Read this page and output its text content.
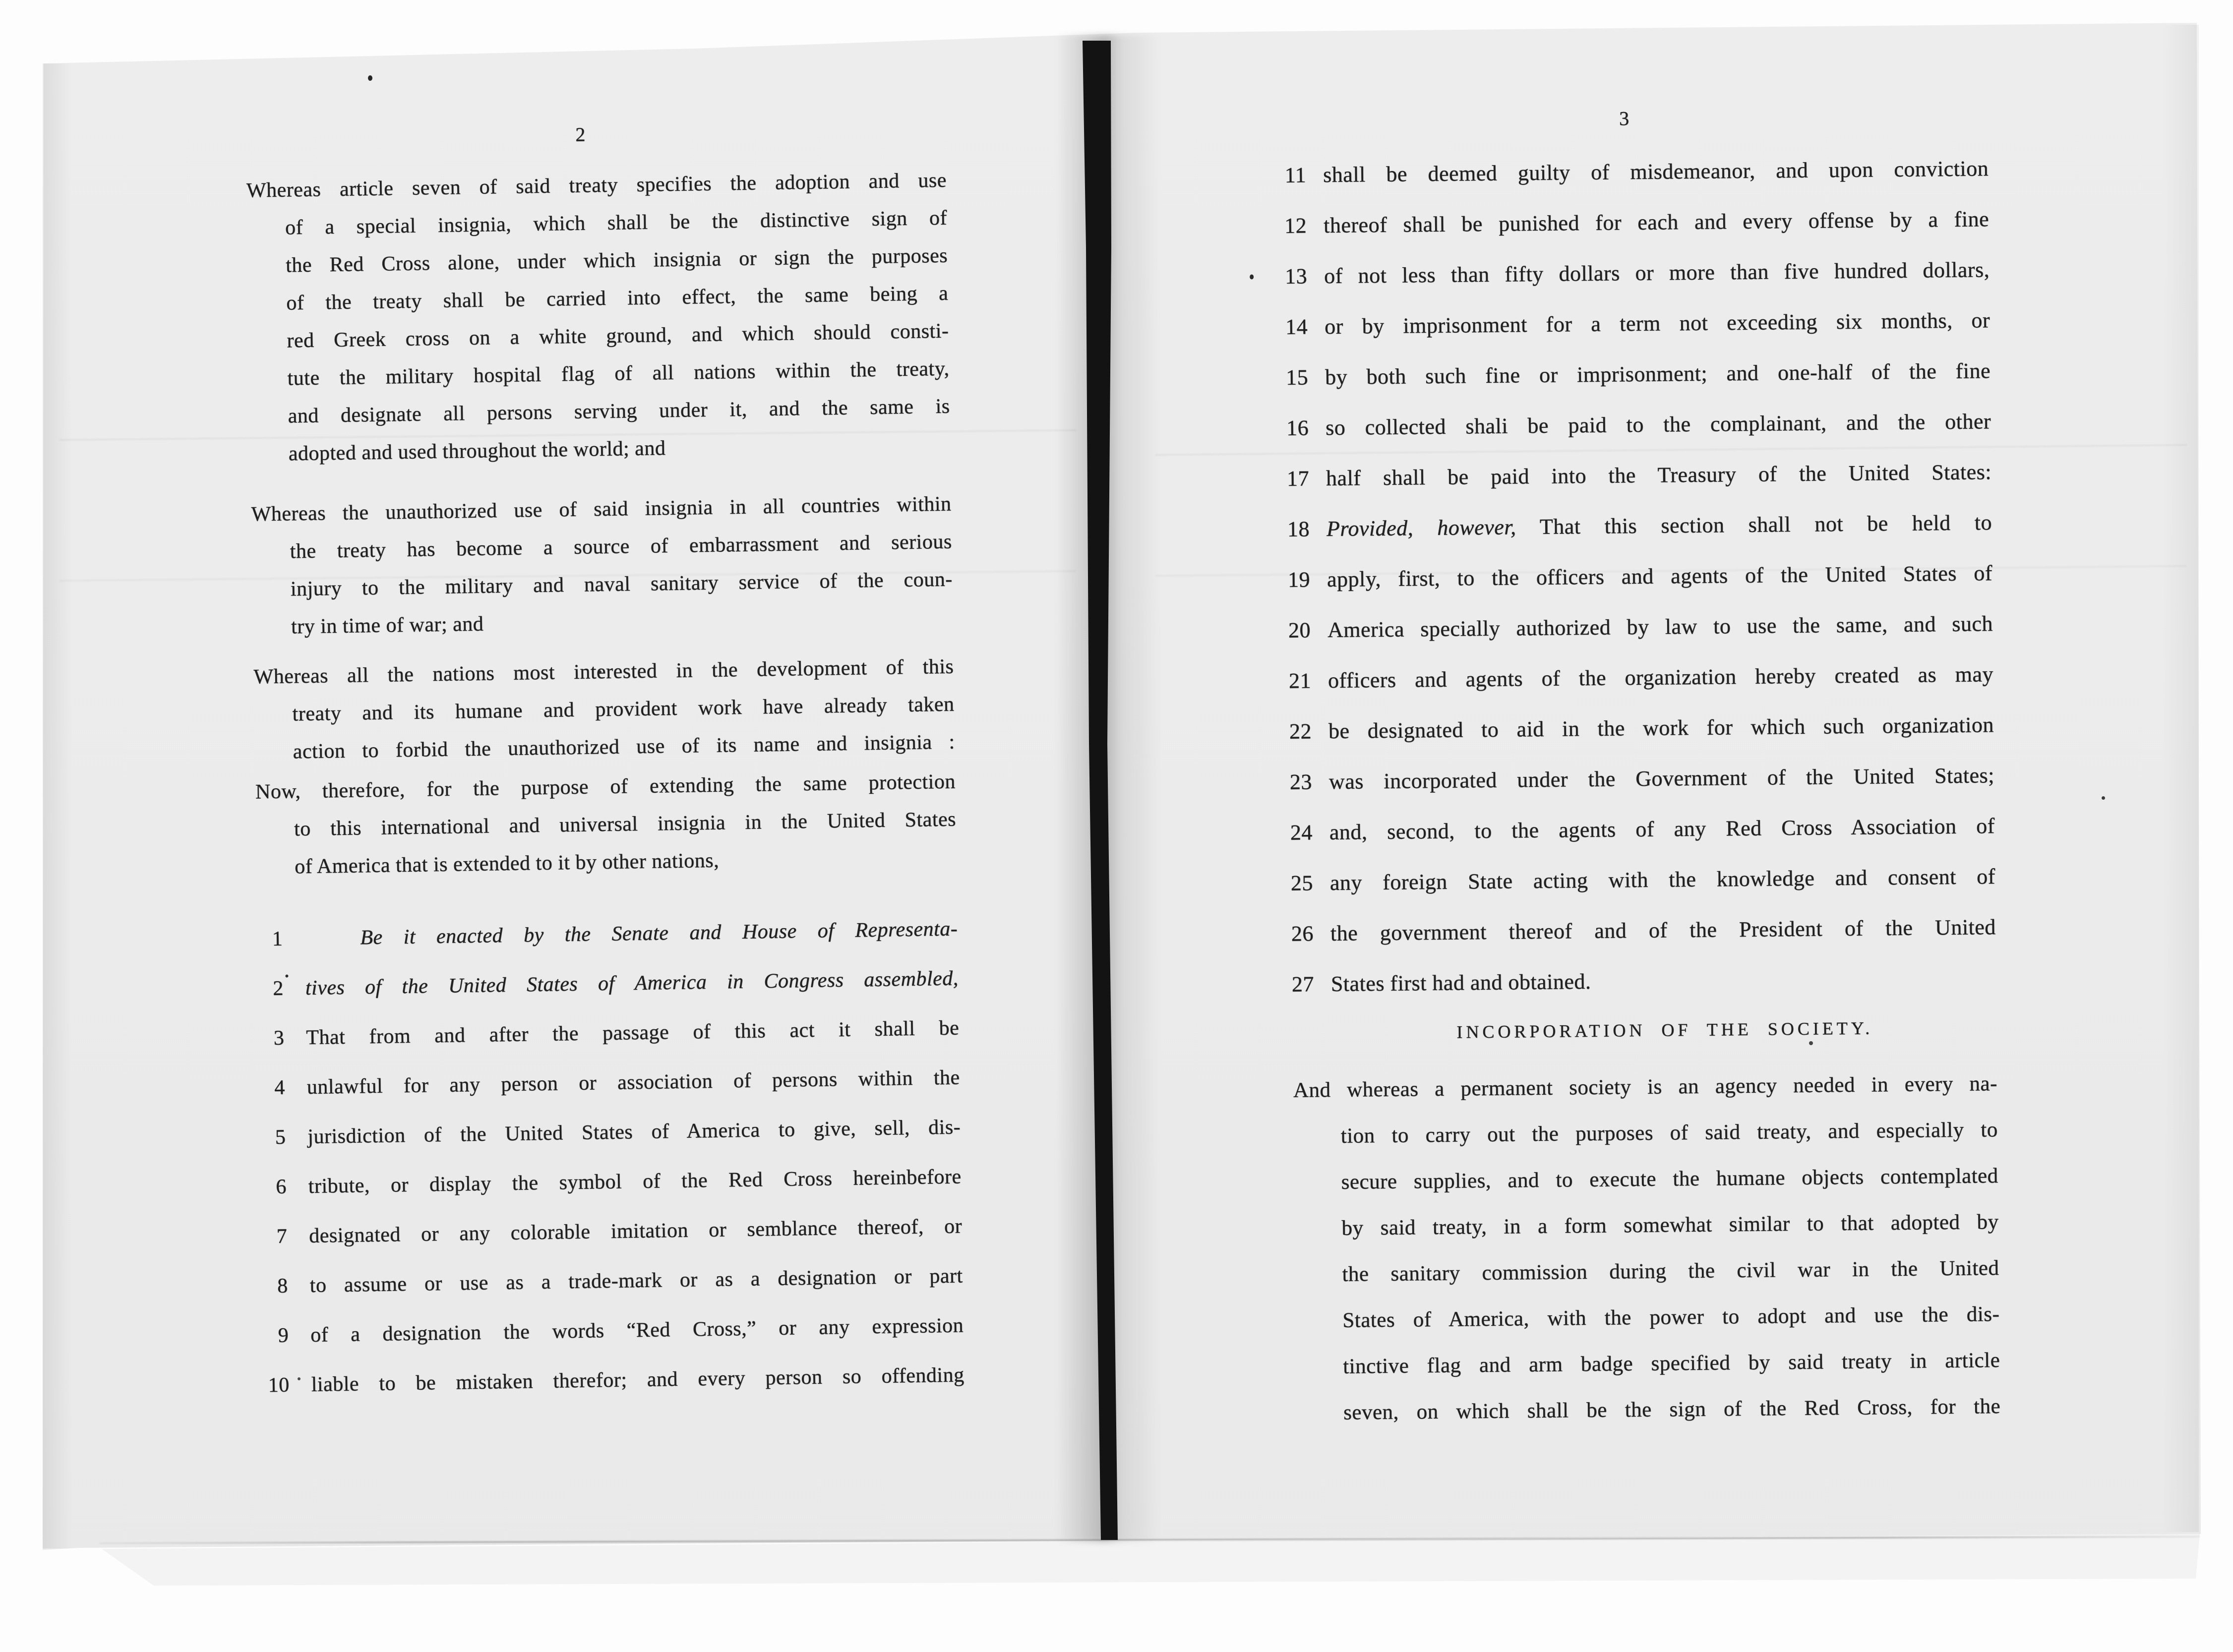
2
Whereas article seven of said treaty specifies the adoption and use
of a special insignia, which shall be the distinctive sign of
the Red Cross alone, under which insignia or sign the purposes
of the treaty shall be carried into effect, the same being a
red Greek cross on a white ground, and which should consti-
tute the military hospital flag of all nations within the treaty,
and designate all persons serving under it, and the same is
adopted and used throughout the world; and
Whereas the unauthorized use of said insignia in all countries within
the treaty has become a source of embarrassment and serious
injury to the military and naval sanitary service of the coun-
try in time of war; and
Whereas all the nations most interested in the development of this
treaty and its humane and provident work have already taken
action to forbid the unauthorized use of its name and insignia :
Now, therefore, for the purpose of extending the same protection
to this international and universal insignia in the United States
of America that is extended to it by other nations,
1	Be it enacted by the Senate and House of Representa-
2 tives of the United States of America in Congress assembled,
3 That from and after the passage of this act it shall be
4 unlawful for any person or association of persons within the
5 jurisdiction of the United States of America to give, sell, dis-
6 tribute, or display the symbol of the Red Cross hereinbefore
7 designated or any colorable imitation or semblance thereof, or
8 to assume or use as a trade-mark or as a designation or part
9 of a designation the words “Red Cross,” or any expression
10 liable to be mistaken therefor; and every person so offending
3
11 shall be deemed guilty of misdemeanor, and upon conviction
12 thereof shall be punished for each and every offense by a fine
13 of not less than fifty dollars or more than five hundred dollars,
14 or by imprisonment for a term not exceeding six months, or
15 by both such fine or imprisonment; and one-half of the fine
16 so collected shali be paid to the complainant, and the other
17 half shall be paid into the Treasury of the United States:
18 Provided, however, That this section shall not be held to
19 apply, first, to the officers and agents of the United States of
20 America specially authorized by law to use the same, and such
21 officers and agents of the organization hereby created as may
22 be designated to aid in the work for which such organization
23 was incorporated under the Government of the United States;
24 and, second, to the agents of any Red Cross Association of
25 any foreign State acting with the knowledge and consent of
26 the government thereof and of the President of the United
27 States first had and obtained.
INCORPORATION OF THE SOCIETY.
And whereas a permanent society is an agency needed in every na-
tion to carry out the purposes of said treaty, and especially to
secure supplies, and to execute the humane objects contemplated
by said treaty, in a form somewhat similar to that adopted by
the sanitary commission during the civil war in the United
States of America, with the power to adopt and use the dis-
tinctive flag and arm badge specified by said treaty in article
seven, on which shall be the sign of the Red Cross, for the
